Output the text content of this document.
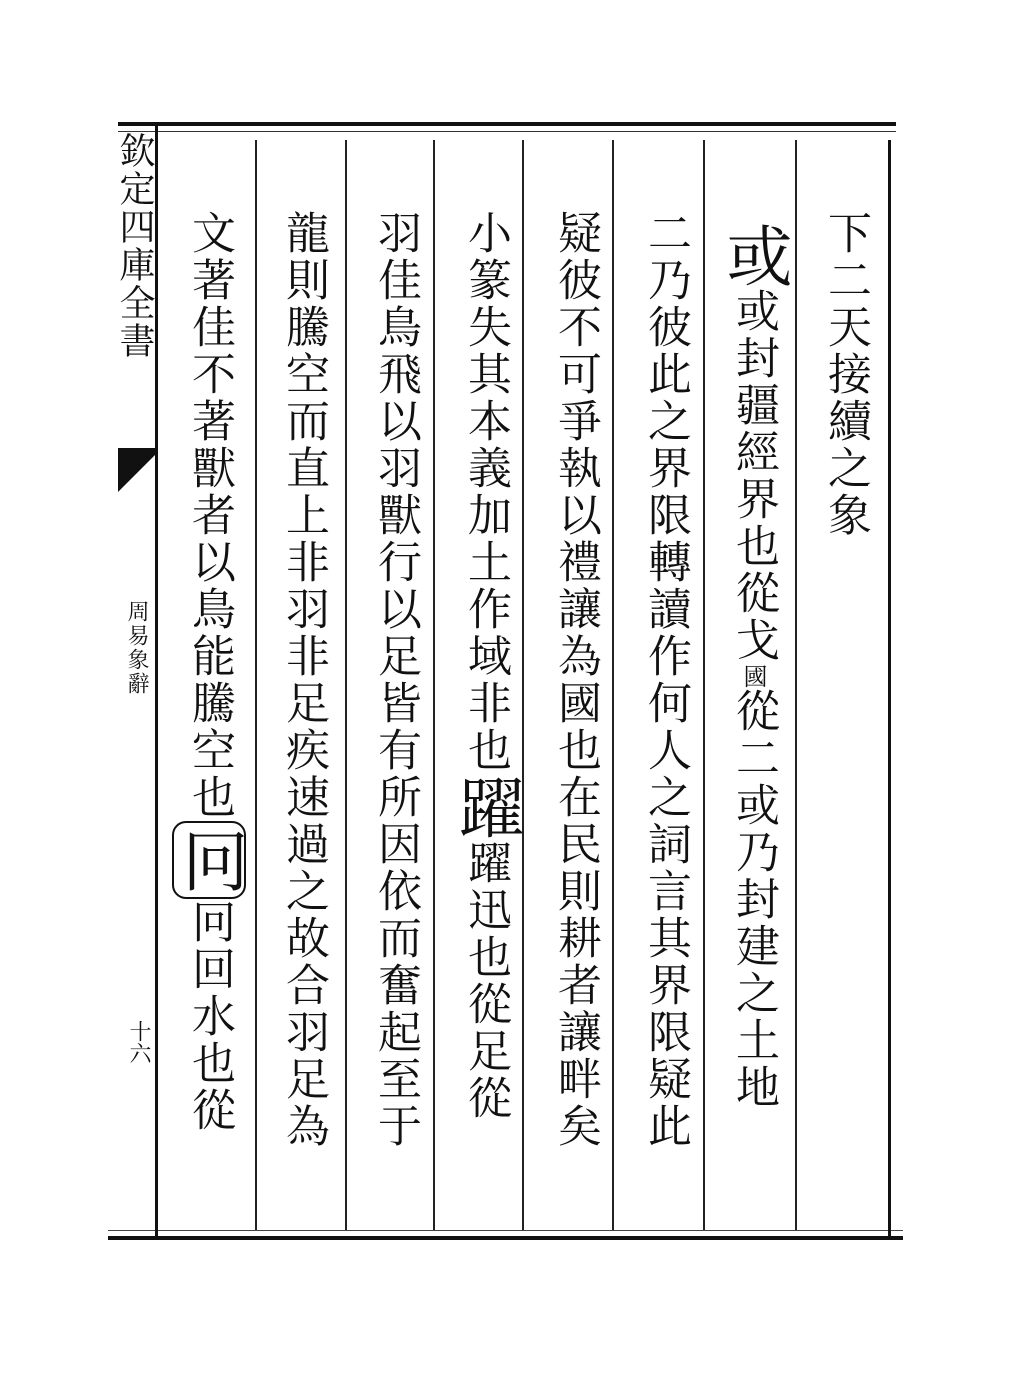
欽定四庫全書
周易象辭
十六
下二天接續之象
或或封疆經界也從戈國從二或乃封建之土地
二乃彼此之界限轉讀作何人之詞言其界限疑此
疑彼不可爭執以禮讓為國也在民則耕者讓畔矣
小篆失其本義加土作域非也躍躍迅也從足從
羽佳鳥飛以羽獸行以足皆有所因依而奮起至于
龍則騰空而直上非羽非足疾速過之故合羽足為
文著佳不著獸者以鳥能騰空也冋冋回水也從
